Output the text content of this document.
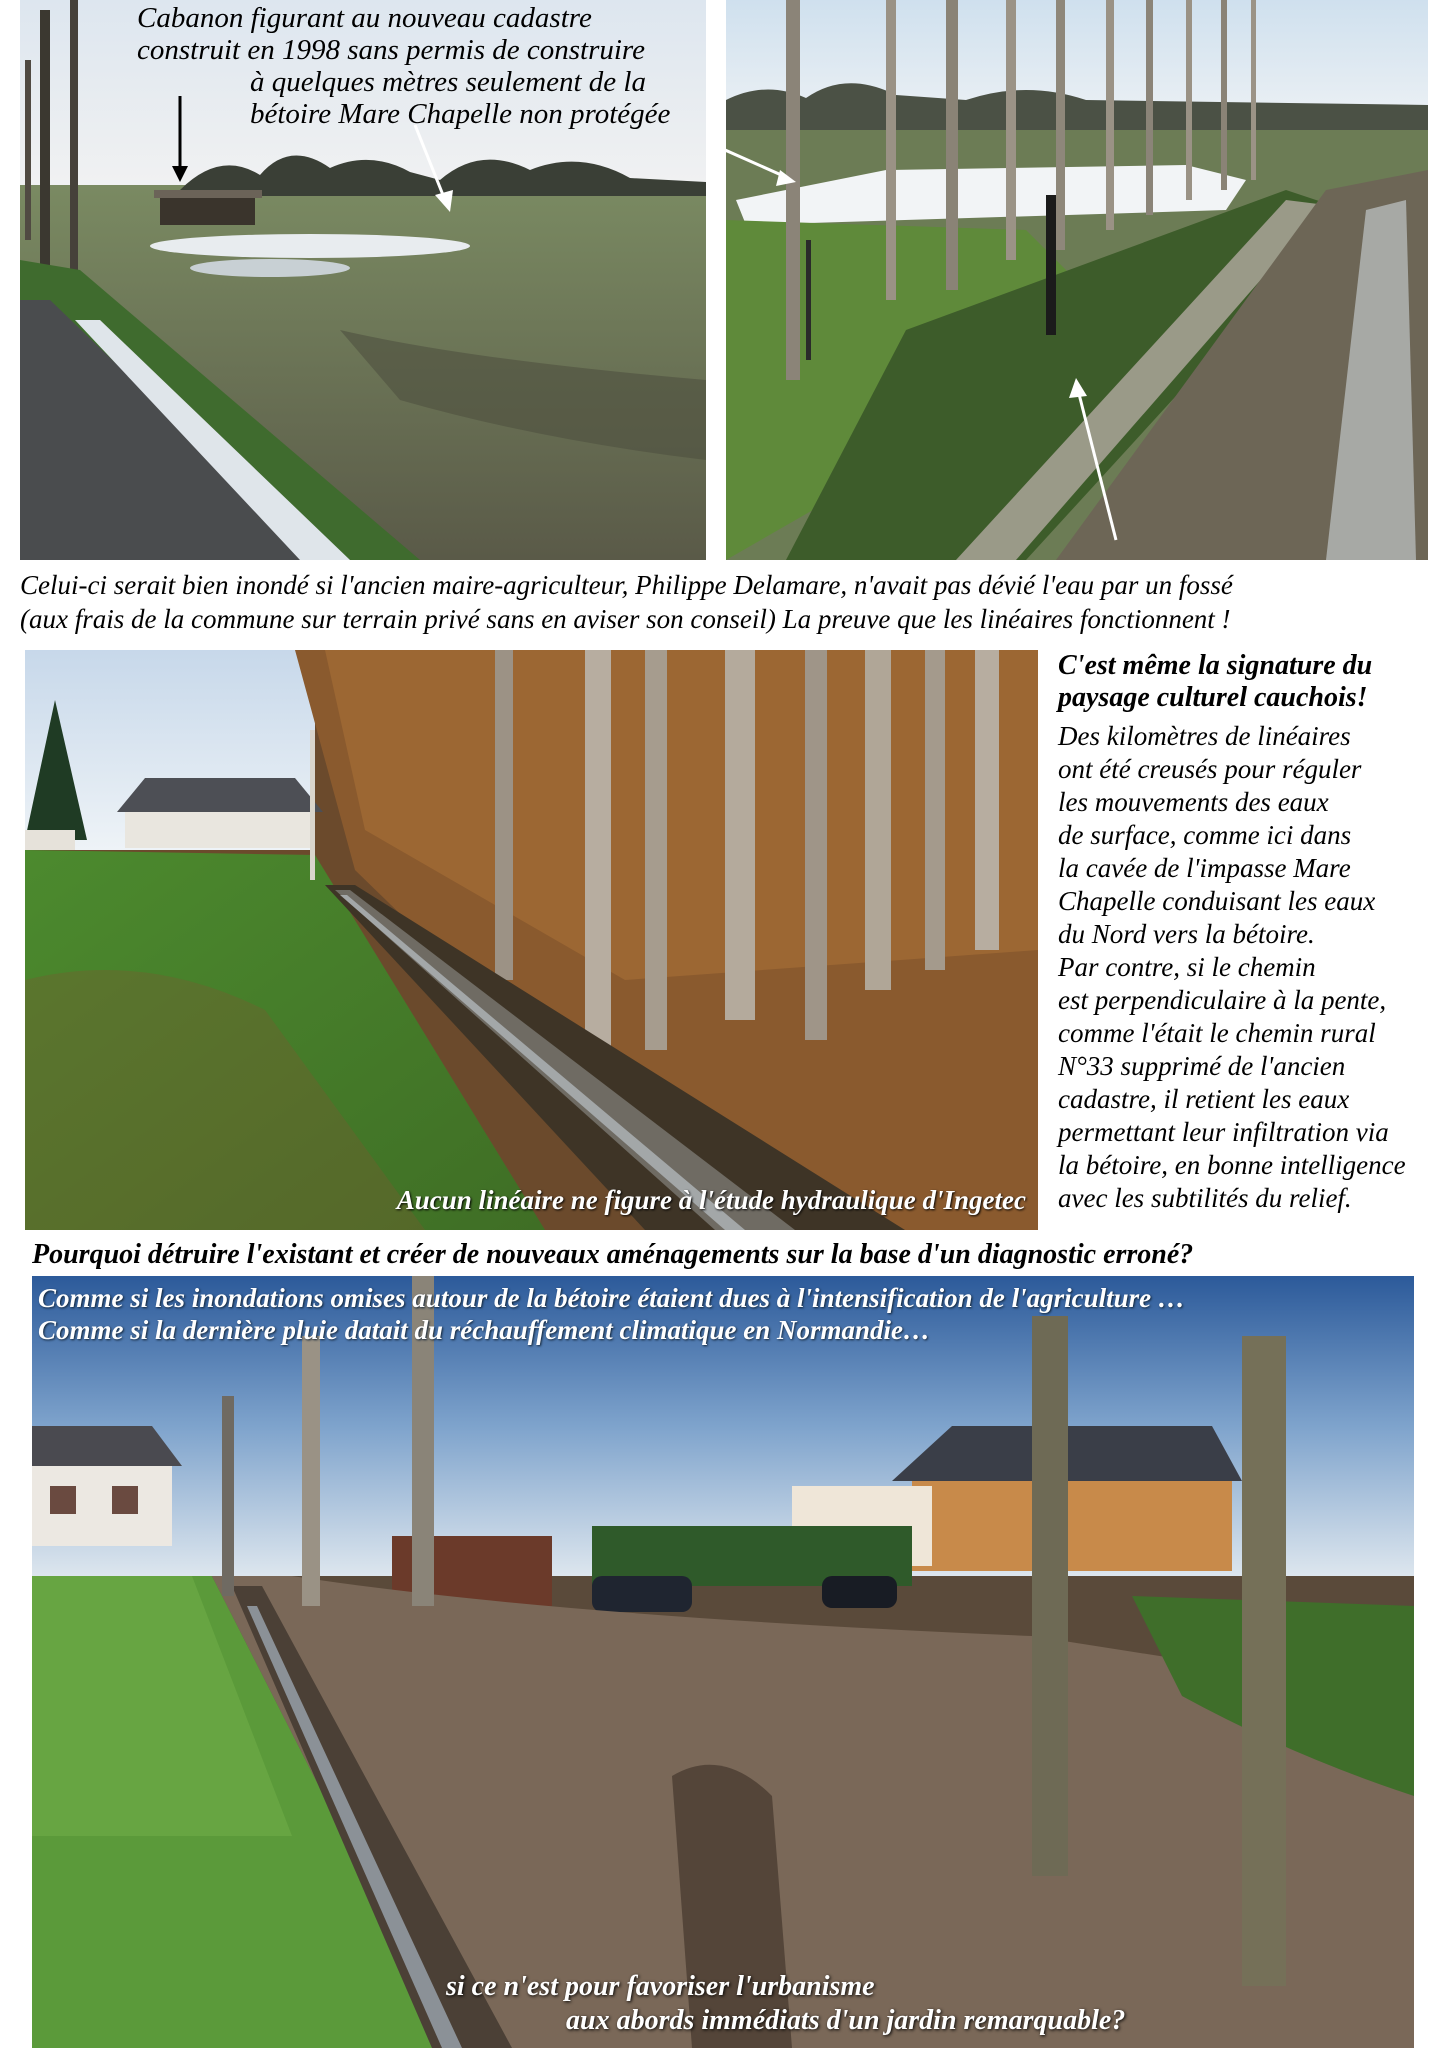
Cabanon figurant au nouveau cadastre
construit en 1998 sans permis de construire
à quelques mètres seulement de la
bétoire Mare Chapelle non protégée
Celui-ci serait bien inondé si l'ancien maire-agriculteur, Philippe Delamare, n'avait pas dévié l'eau par un fossé
(aux frais de la commune sur terrain privé sans en aviser son conseil) La preuve que les linéaires fonctionnent !
Aucun linéaire ne figure à l'étude hydraulique d'Ingetec
C'est même la signature du
paysage culturel cauchois!
Des kilomètres de linéaires
ont été creusés pour réguler
les mouvements des eaux
de surface, comme ici dans
la cavée de l'impasse Mare
Chapelle conduisant les eaux
du Nord vers la bétoire.
Par contre, si le chemin
est perpendiculaire à la pente,
comme l'était le chemin rural
N°33 supprimé de l'ancien
cadastre, il retient les eaux
permettant leur infiltration via
la bétoire, en bonne intelligence
avec les subtilités du relief.
Pourquoi détruire l'existant et créer de nouveaux aménagements sur la base d'un diagnostic erroné?
Comme si les inondations omises autour de la bétoire étaient dues à l'intensification de l'agriculture …
Comme si la dernière pluie datait du réchauffement climatique en Normandie…
si ce n'est pour favoriser l'urbanisme
aux abords immédiats d'un jardin remarquable?
